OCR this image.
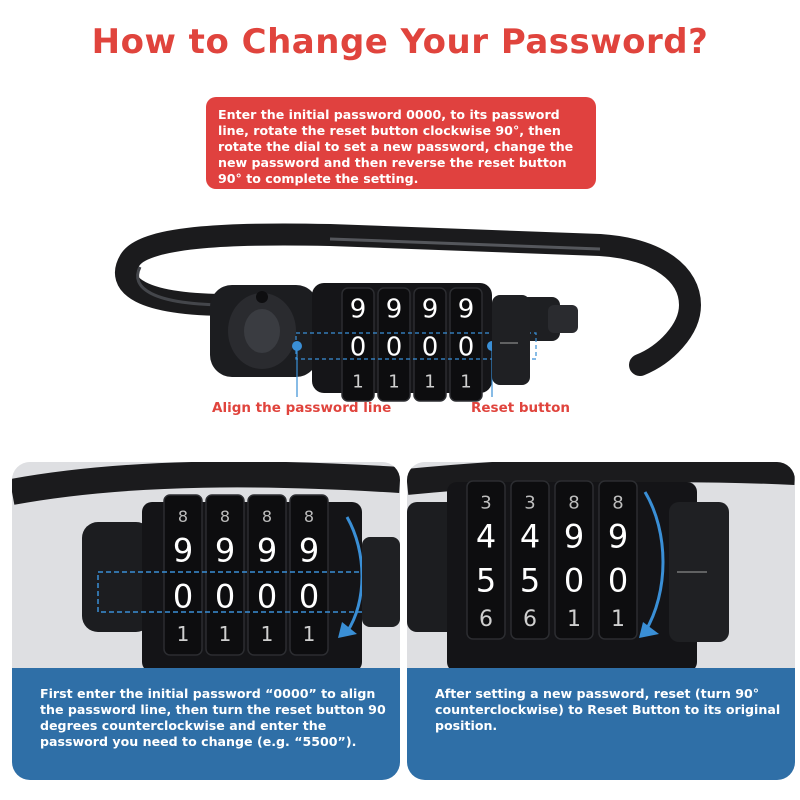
How to Change Your Password?
Enter the initial password 0000, to its password line, rotate the reset button clockwise 90°, then rotate the dial to set a new password, change the new password and then reverse the reset button 90° to complete the setting.
9
0
1
9
0
1
9
0
1
9
0
1
Align the password line	Reset button
8
9
0
1
8
9
0
1
8
9
0
1
8
9
0
1

First enter the initial password “0000” to align the password line, then turn the reset button 90 degrees counterclockwise and enter the password you need to change (e.g. “5500”).

3
4
5
6
3
4
5
6
8
9
0
1
8
9
0
1

After setting a new password, reset (turn 90° counterclockwise) to Reset Button to its original position.
